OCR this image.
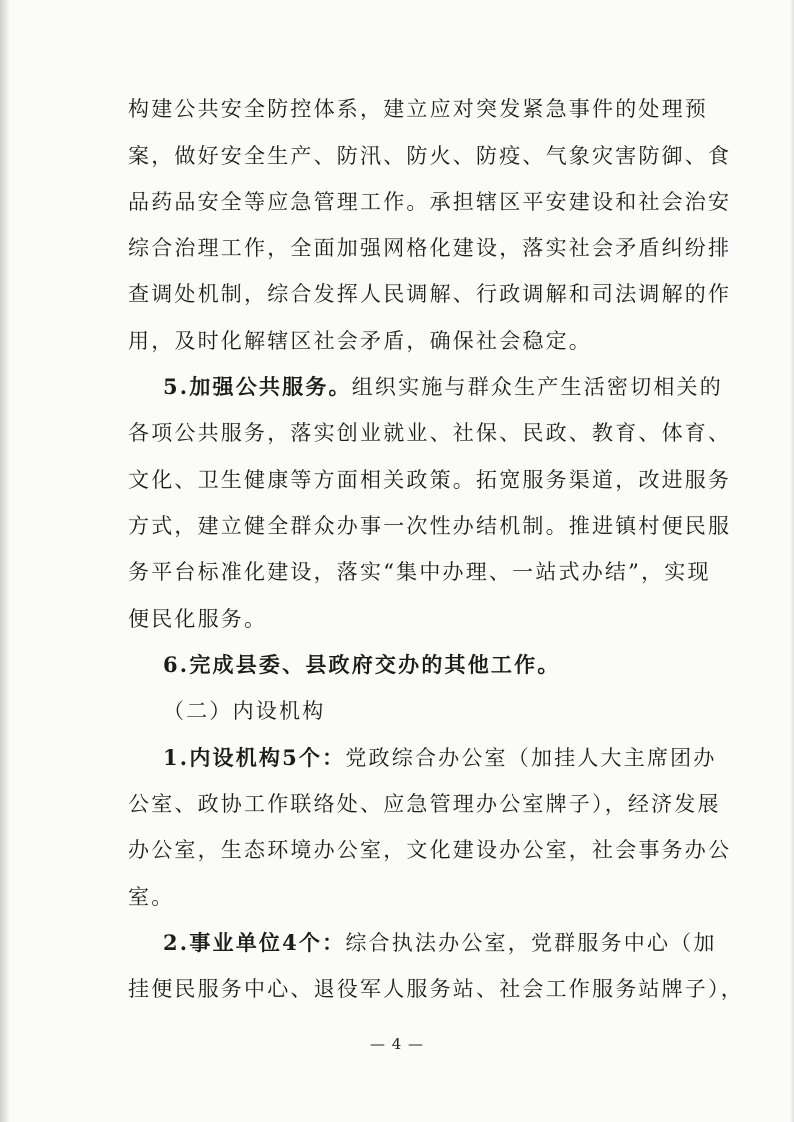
构建公共安全防控体系，建立应对突发紧急事件的处理预
案，做好安全生产、防汛、防火、防疫、气象灾害防御、食
品药品安全等应急管理工作。承担辖区平安建设和社会治安
综合治理工作，全面加强网格化建设，落实社会矛盾纠纷排
查调处机制，综合发挥人民调解、行政调解和司法调解的作
用，及时化解辖区社会矛盾，确保社会稳定。
5.加强公共服务。组织实施与群众生产生活密切相关的
各项公共服务，落实创业就业、社保、民政、教育、体育、
文化、卫生健康等方面相关政策。拓宽服务渠道，改进服务
方式，建立健全群众办事一次性办结机制。推进镇村便民服
务平台标准化建设，落实“集中办理、一站式办结”，实现
便民化服务。
6.完成县委、县政府交办的其他工作。
（二）内设机构
1.内设机构5个：党政综合办公室（加挂人大主席团办
公室、政协工作联络处、应急管理办公室牌子），经济发展
办公室，生态环境办公室，文化建设办公室，社会事务办公
室。
2.事业单位4个：综合执法办公室，党群服务中心（加
挂便民服务中心、退役军人服务站、社会工作服务站牌子），
— 4 —
